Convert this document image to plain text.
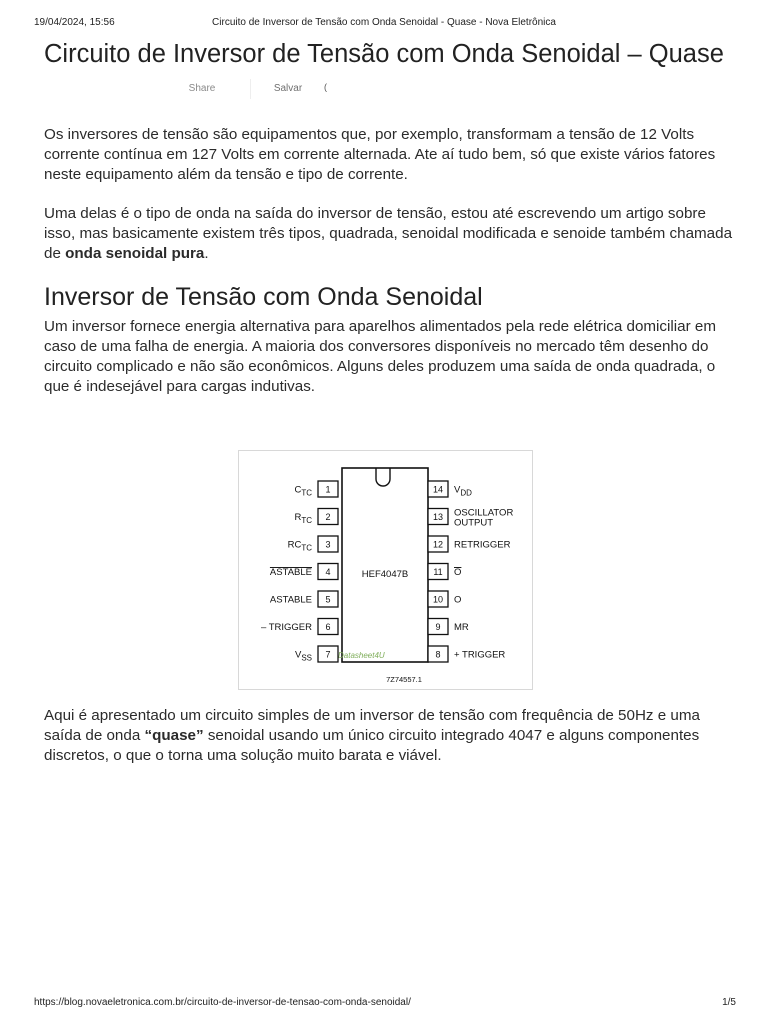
19/04/2024, 15:56	Circuito de Inversor de Tensão com Onda Senoidal - Quase - Nova Eletrônica
Circuito de Inversor de Tensão com Onda Senoidal – Quase
Share	Salvar	(

Os inversores de tensão são equipamentos que, por exemplo, transformam a tensão de 12 Volts corrente contínua em 127 Volts em corrente alternada. Ate aí tudo bem, só que existe vários fatores neste equipamento além da tensão e tipo de corrente.

Uma delas é o tipo de onda na saída do inversor de tensão, estou até escrevendo um artigo sobre isso, mas basicamente existem três tipos, quadrada, senoidal modificada e senoide também chamada de onda senoidal pura.

Inversor de Tensão com Onda Senoidal

Um inversor fornece energia alternativa para aparelhos alimentados pela rede elétrica domiciliar em caso de uma falha de energia. A maioria dos conversores disponíveis no mercado têm desenho do circuito complicado e não são econômicos. Alguns deles produzem uma saída de onda quadrada, o que é indesejável para cargas indutivas.

HEF4047B
Datasheet4U
7Z74557.1
1
$C_{TC}$
2
$R_{TC}$
3
$RC_{TC}$
4
ASTABLE
5
ASTABLE
6
– TRIGGER
7
$V_{SS}$
14 $V_{DD}$
13 OSCILLATOR
OUTPUT
12 RETRIGGER
11 O
10 O
9 MR
8 + TRIGGER

Aqui é apresentado um circuito simples de um inversor de tensão com frequência de 50Hz e uma saída de onda “quase” senoidal usando um único circuito integrado 4047 e alguns componentes discretos, o que o torna uma solução muito barata e viável.

https://blog.novaeletronica.com.br/circuito-de-inversor-de-tensao-com-onda-senoidal/	1/5
